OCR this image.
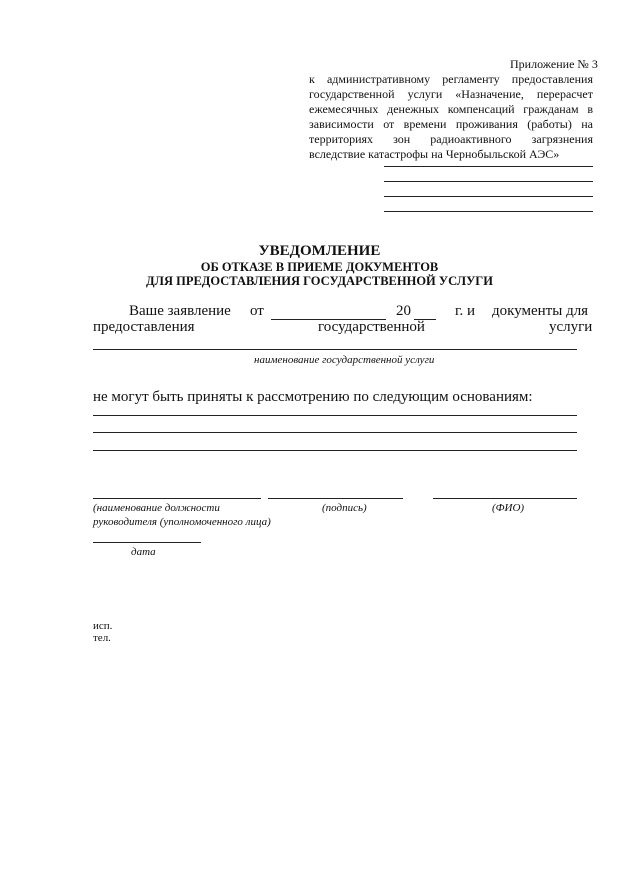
Приложение № 3
к административному регламенту предоставления
государственной услуги «Назначение, перерасчет
ежемесячных денежных компенсаций гражданам в
зависимости от времени проживания (работы) на
территориях зон радиоактивного загрязнения
вследствие катастрофы на Чернобыльской АЭС»
УВЕДОМЛЕНИЕ
ОБ ОТКАЗЕ В ПРИЕМЕ ДОКУМЕНТОВ
ДЛЯ ПРЕДОСТАВЛЕНИЯ ГОСУДАРСТВЕННОЙ УСЛУГИ
Ваше заявление от	20	г. и документы для
предоставления	государственной	услуги
наименование государственной услуги
не могут быть приняты к рассмотрению по следующим основаниям:
(наименование должности	(подпись)	(ФИО)
руководителя (уполномоченного лица)
дата
исп.
тел.
